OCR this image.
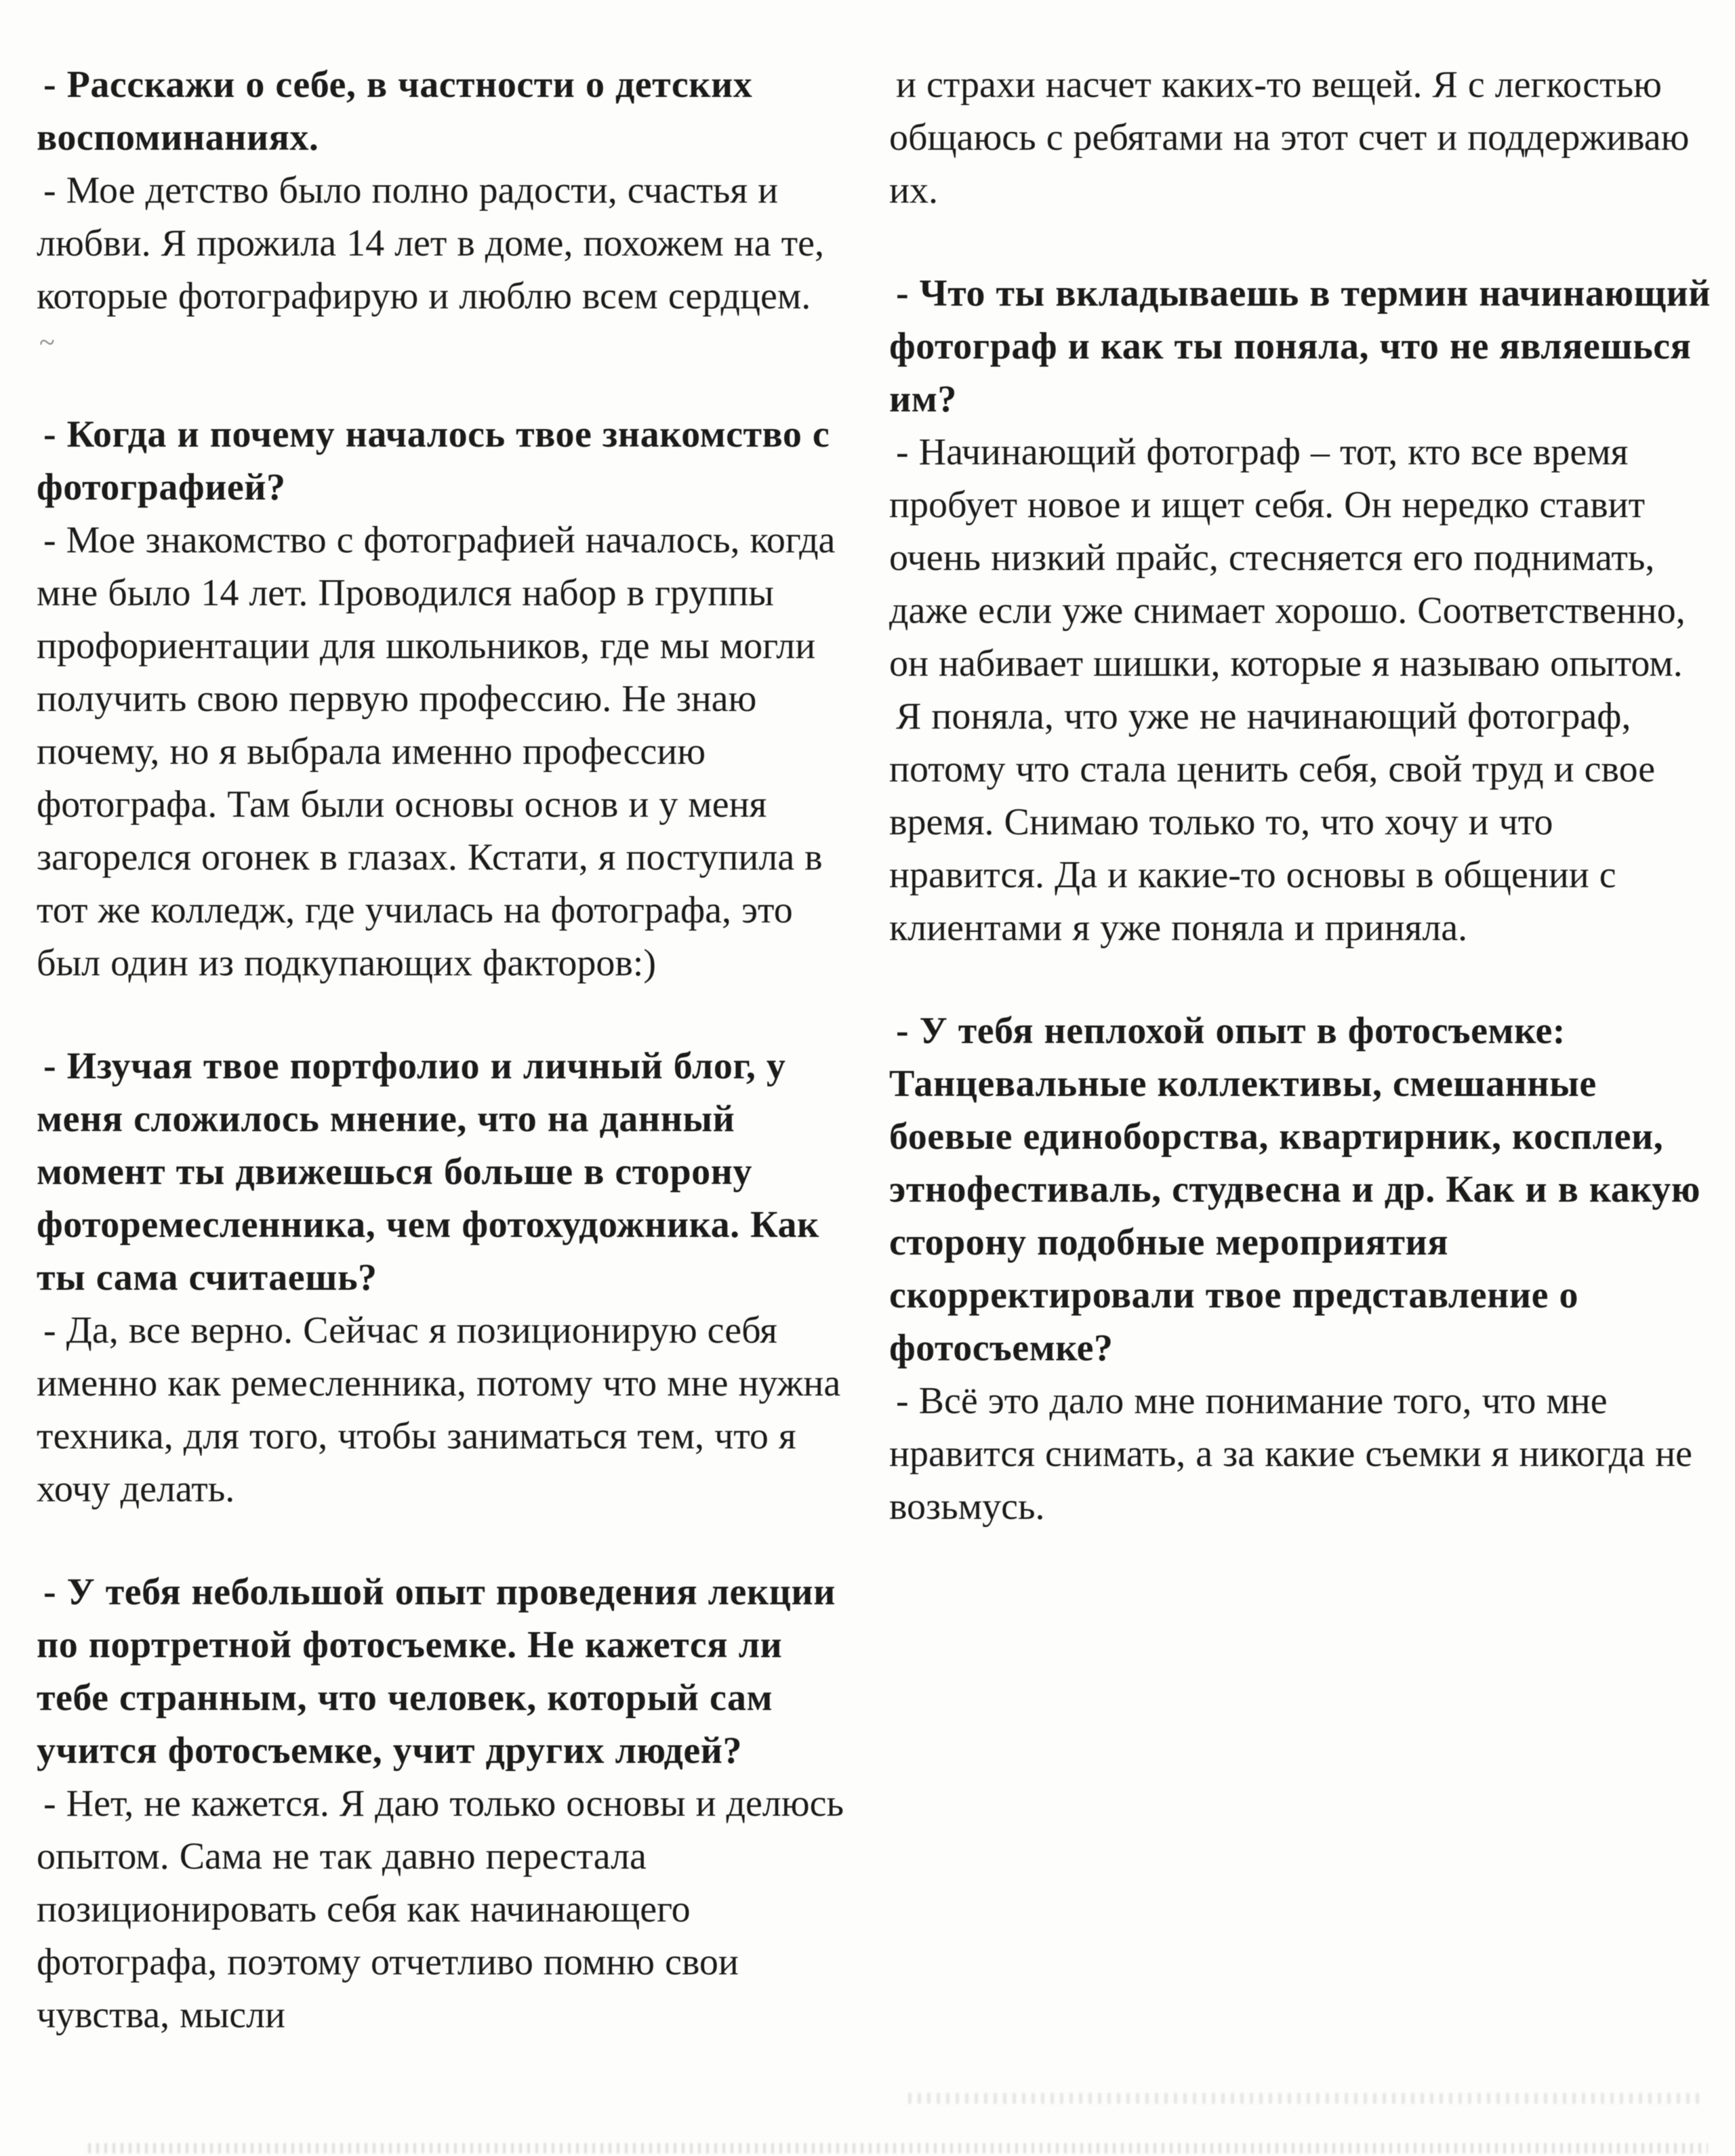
- Расскажи о себе, в частности о детских воспоминаниях.

- Мое детство было полно радости, счастья и любви. Я прожила 14 лет в доме, похожем на те, которые фотографирую и люблю всем сердцем.

~

- Когда и почему началось твое знакомство с фотографией?

- Мое знакомство с фотографией началось, когда мне было 14 лет. Проводился набор в группы профориентации для школьников, где мы могли получить свою первую профессию. Не знаю почему, но я выбрала именно профессию фотографа. Там были основы основ и у меня загорелся огонек в глазах. Кстати, я поступила в тот же колледж, где училась на фотографа, это был один из подкупающих факторов:)

- Изучая твое портфолио и личный блог, у меня сложилось мнение, что на данный момент ты движешься больше в сторону фоторемесленника, чем фотохудожника. Как ты сама считаешь?

- Да, все верно. Сейчас я позиционирую себя именно как ремесленника, потому что мне нужна техника, для того, чтобы заниматься тем, что я хочу делать.

- У тебя небольшой опыт проведения лекции по портретной фотосъемке. Не кажется ли тебе странным, что человек, который сам учится фотосъемке, учит других людей?

- Нет, не кажется. Я даю только основы и делюсь опытом. Сама не так давно перестала позиционировать себя как начинающего фотографа, поэтому отчетливо помню свои чувства, мысли

и страхи насчет каких-то вещей. Я с легкостью общаюсь с ребятами на этот счет и поддерживаю их.

- Что ты вкладываешь в термин начинающий фотограф и как ты поняла, что не являешься им?

- Начинающий фотограф – тот, кто все время пробует новое и ищет себя. Он нередко ставит очень низкий прайс, стесняется его поднимать, даже если уже снимает хорошо. Соответственно, он набивает шишки, которые я называю опытом.

Я поняла, что уже не начинающий фотограф, потому что стала ценить себя, свой труд и свое время. Снимаю только то, что хочу и что нравится. Да и какие-то основы в общении с клиентами я уже поняла и приняла.

- У тебя неплохой опыт в фотосъемке: Танцевальные коллективы, смешанные боевые единоборства, квартирник, косплеи, этнофестиваль, студвесна и др. Как и в какую сторону подобные мероприятия скорректировали твое представление о фотосъемке?

- Всё это дало мне понимание того, что мне нравится снимать, а за какие съемки я никогда не возьмусь.
